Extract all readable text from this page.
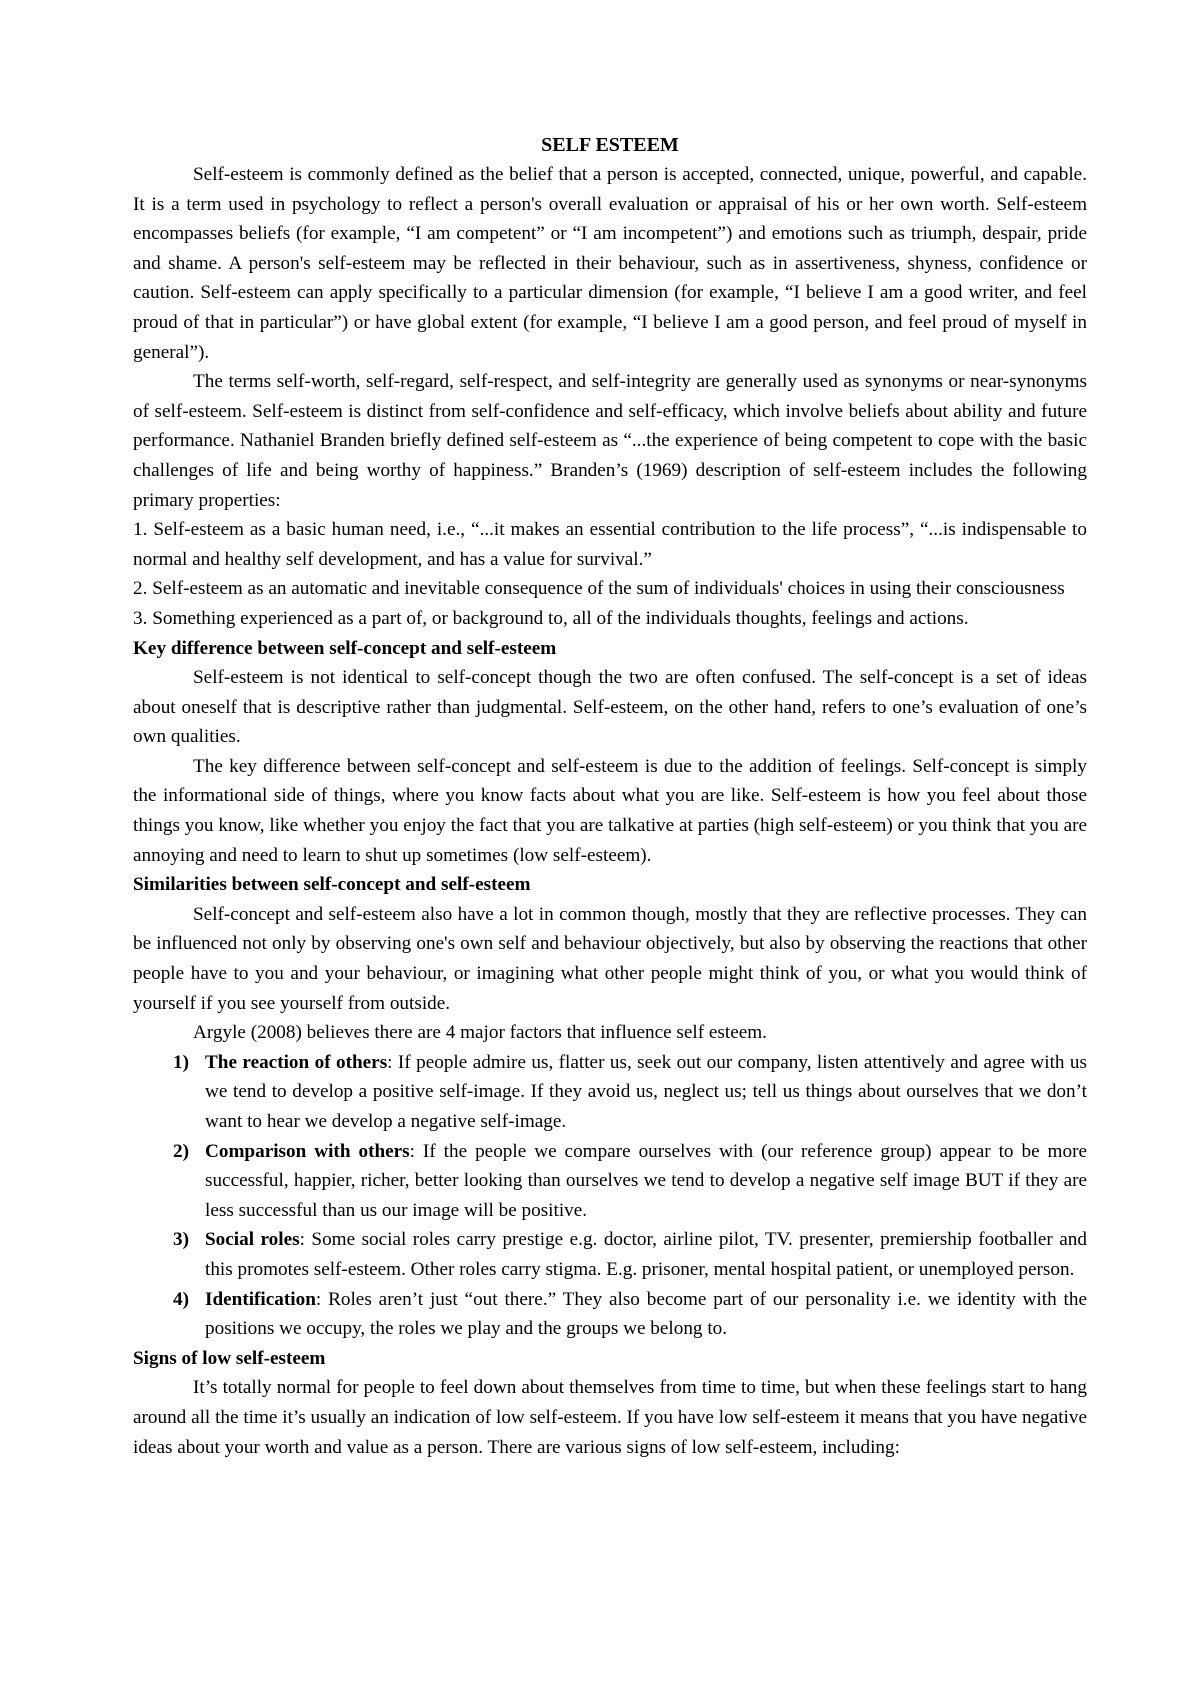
SELF ESTEEM

Self-esteem is commonly defined as the belief that a person is accepted, connected, unique, powerful, and capable. It is a term used in psychology to reflect a person's overall evaluation or appraisal of his or her own worth. Self-esteem encompasses beliefs (for example, “I am competent” or “I am incompetent”) and emotions such as triumph, despair, pride and shame. A person's self-esteem may be reflected in their behaviour, such as in assertiveness, shyness, confidence or caution. Self-esteem can apply specifically to a particular dimension (for example, “I believe I am a good writer, and feel proud of that in particular”) or have global extent (for example, “I believe I am a good person, and feel proud of myself in general”).

The terms self-worth, self-regard, self-respect, and self-integrity are generally used as synonyms or near-synonyms of self-esteem. Self-esteem is distinct from self-confidence and self-efficacy, which involve beliefs about ability and future performance. Nathaniel Branden briefly defined self-esteem as “...the experience of being competent to cope with the basic challenges of life and being worthy of happiness.” Branden’s (1969) description of self-esteem includes the following primary properties:

1. Self-esteem as a basic human need, i.e., “...it makes an essential contribution to the life process”, “...is indispensable to normal and healthy self development, and has a value for survival.”

2. Self-esteem as an automatic and inevitable consequence of the sum of individuals' choices in using their consciousness

3. Something experienced as a part of, or background to, all of the individuals thoughts, feelings and actions.

Key difference between self-concept and self-esteem

Self-esteem is not identical to self-concept though the two are often confused. The self-concept is a set of ideas about oneself that is descriptive rather than judgmental. Self-esteem, on the other hand, refers to one’s evaluation of one’s own qualities.

The key difference between self-concept and self-esteem is due to the addition of feelings. Self-concept is simply the informational side of things, where you know facts about what you are like. Self-esteem is how you feel about those things you know, like whether you enjoy the fact that you are talkative at parties (high self-esteem) or you think that you are annoying and need to learn to shut up sometimes (low self-esteem).

Similarities between self-concept and self-esteem

Self-concept and self-esteem also have a lot in common though, mostly that they are reflective processes. They can be influenced not only by observing one's own self and behaviour objectively, but also by observing the reactions that other people have to you and your behaviour, or imagining what other people might think of you, or what you would think of yourself if you see yourself from outside.

Argyle (2008) believes there are 4 major factors that influence self esteem.

1) The reaction of others: If people admire us, flatter us, seek out our company, listen attentively and agree with us we tend to develop a positive self-image. If they avoid us, neglect us; tell us things about ourselves that we don’t want to hear we develop a negative self-image.
2) Comparison with others: If the people we compare ourselves with (our reference group) appear to be more successful, happier, richer, better looking than ourselves we tend to develop a negative self image BUT if they are less successful than us our image will be positive.
3) Social roles: Some social roles carry prestige e.g. doctor, airline pilot, TV. presenter, premiership footballer and this promotes self-esteem. Other roles carry stigma. E.g. prisoner, mental hospital patient, or unemployed person.
4) Identification: Roles aren’t just “out there.” They also become part of our personality i.e. we identity with the positions we occupy, the roles we play and the groups we belong to.
Signs of low self-esteem

It’s totally normal for people to feel down about themselves from time to time, but when these feelings start to hang around all the time it’s usually an indication of low self-esteem. If you have low self-esteem it means that you have negative ideas about your worth and value as a person. There are various signs of low self-esteem, including:
